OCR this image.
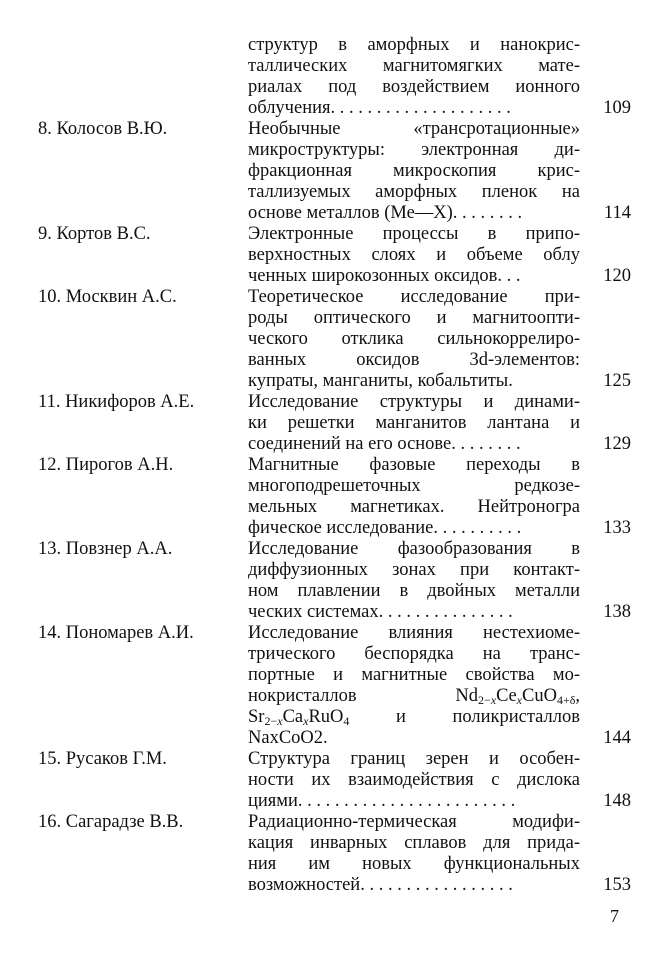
структур в аморфных и нанокрис-
таллических магнитомягких мате-
риалах под воздействием ионного
облучения. . . . . . . . . . . . . . . . . . . .	109
8. Колосов В.Ю.	Необычные «трансротационные»
микроструктуры: электронная ди-
фракционная микроскопия крис-
таллизуемых аморфных пленок на
основе металлов (Ме—Х). . . . . . . .	114
9. Кортов В.С.	Электронные процессы в припо-
верхностных слоях и объеме облу
ченных широкозонных оксидов. . .	120
10. Москвин А.С.	Теоретическое исследование при-
роды оптического и магнитоопти-
ческого отклика сильнокоррелиро-
ванных оксидов 3d-элементов:
купраты, манганиты, кобальтиты.	125
11. Никифоров А.Е.	Исследование структуры и динами-
ки решетки манганитов лантана и
соединений на его основе. . . . . . . .	129
12. Пирогов А.Н.	Магнитные фазовые переходы в
многоподрешеточных редкозе-
мельных магнетиках. Нейтроногра
фическое исследование. . . . . . . . . .	133
13. Повзнер А.А.	Исследование фазообразования в
диффузионных зонах при контакт-
ном плавлении в двойных металли
ческих системах. . . . . . . . . . . . . . .	138
14. Пономарев А.И.	Исследование влияния нестехиоме-
трического беспорядка на транс-
портные и магнитные свойства мо-
нокристаллов	$Nd_{2-x}Ce_xCuO_{4+\delta}$,
$Sr_{2-x}Ca_xRuO_4$ и поликристаллов
NaxCoO2.	144
15. Русаков Г.М.	Структура границ зерен и особен-
ности их взаимодействия с дислока
циями. . . . . . . . . . . . . . . . . . . . . . . .	148
16. Сагарадзе В.В.	Радиационно-термическая модифи-
кация инварных сплавов для прида-
ния им новых функциональных
возможностей. . . . . . . . . . . . . . . . .	153
7
